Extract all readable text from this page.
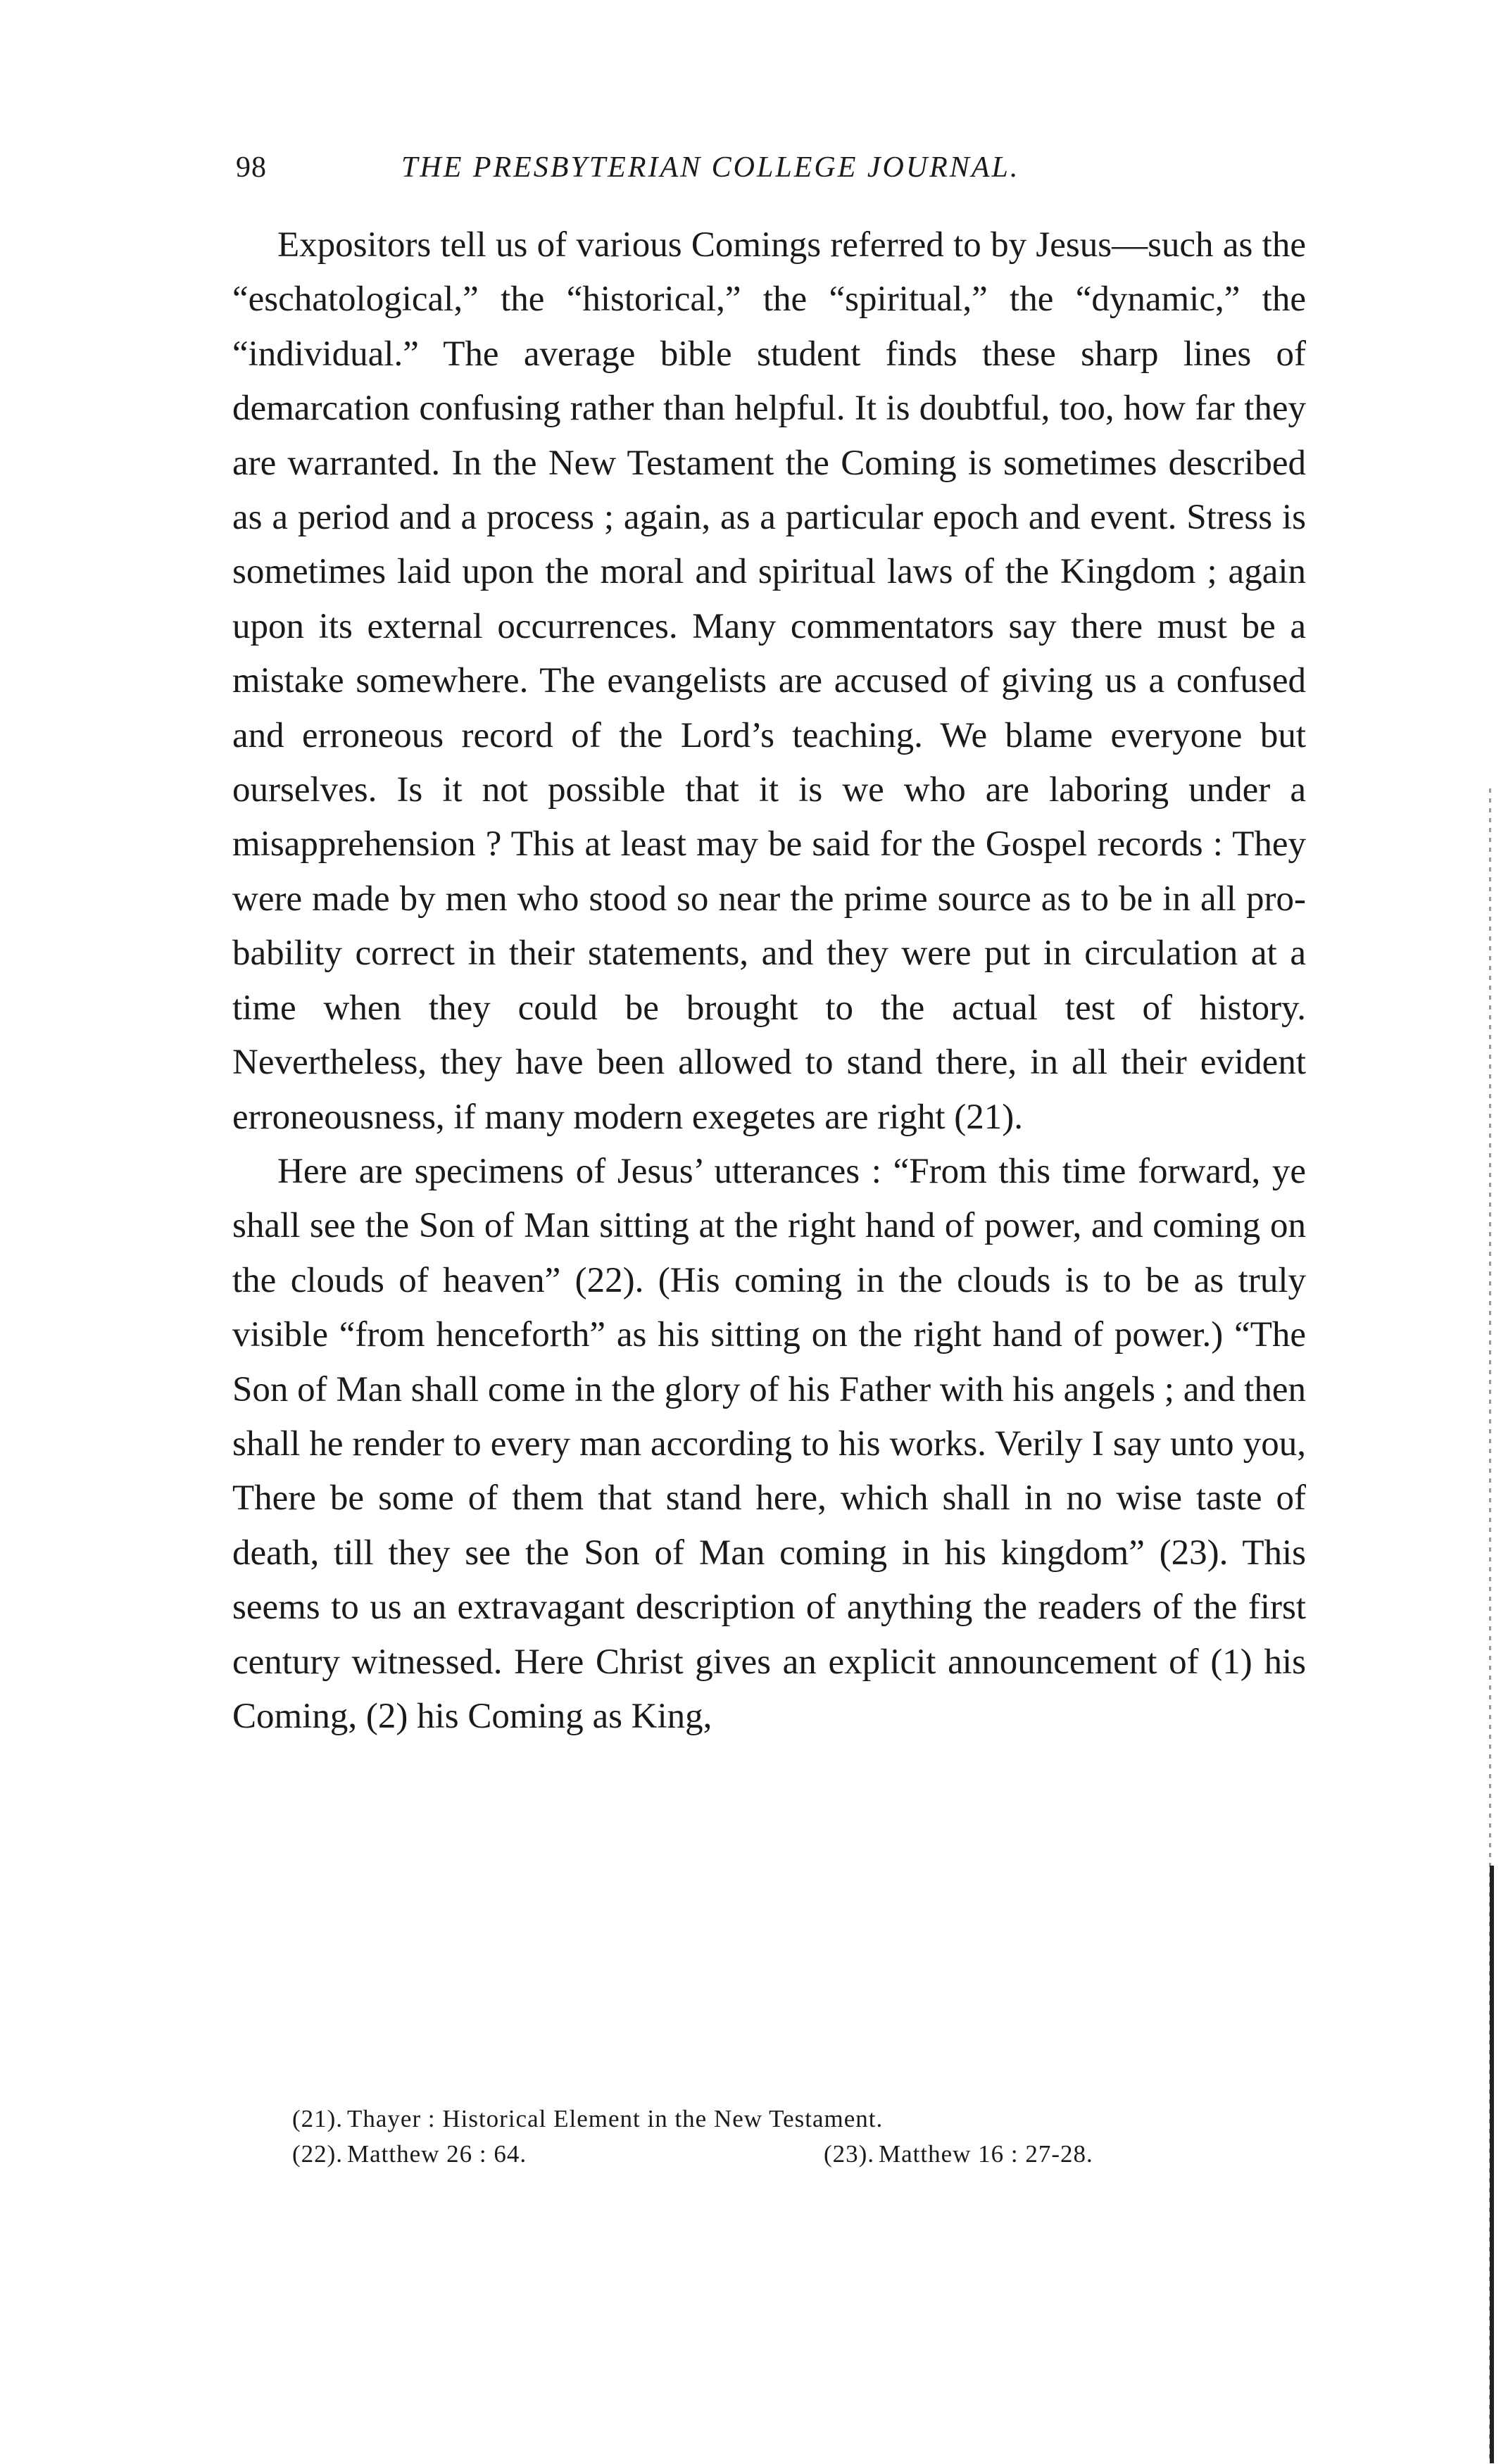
98	THE PRESBYTERIAN COLLEGE JOURNAL.

Expositors tell us of various Comings referred to by Jesus—such as the “eschatological,” the “historical,” the “spiritual,” the “dynamic,” the “individual.” The average bible student finds these sharp lines of demarcation confusing rather than helpful. It is doubtful, too, how far they are warranted. In the New Testament the Coming is sometimes described as a period and a process ; again, as a particular epoch and event. Stress is sometimes laid upon the moral and spiritual laws of the Kingdom ; again upon its external occurrences. Many commentators say there must be a mistake somewhere. The evangelists are accused of giving us a confused and erroneous record of the Lord’s teaching. We blame everyone but ourselves. Is it not possible that it is we who are laboring under a misapprehension ? This at least may be said for the Gospel records : They were made by men who stood so near the prime source as to be in all probability correct in their statements, and they were put in circulation at a time when they could be brought to the actual test of history. Nevertheless, they have been allowed to stand there, in all their evident erroneousness, if many modern exegetes are right (21).

Here are specimens of Jesus’ utterances : “From this time forward, ye shall see the Son of Man sitting at the right hand of power, and coming on the clouds of heaven” (22). (His coming in the clouds is to be as truly visible “from henceforth” as his sitting on the right hand of power.) “The Son of Man shall come in the glory of his Father with his angels ; and then shall he render to every man according to his works. Verily I say unto you, There be some of them that stand here, which shall in no wise taste of death, till they see the Son of Man coming in his kingdom” (23). This seems to us an extravagant description of anything the readers of the first century witnessed. Here Christ gives an explicit announcement of (1) his Coming, (2) his Coming as King,

(21). Thayer : Historical Element in the New Testament.
(22). Matthew 26 : 64.	(23). Matthew 16 : 27-28.
